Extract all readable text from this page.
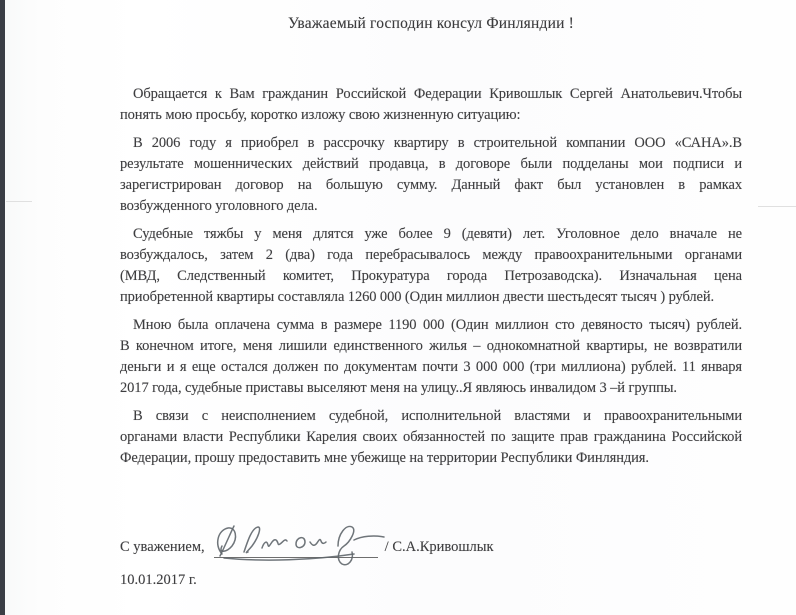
Уважаемый господин консул Финляндии !

Обращается к Вам гражданин Российской Федерации Кривошлык Сергей Анатольевич.Чтобы
понять мою просьбу, коротко изложу свою жизненную ситуацию:

В 2006 году я приобрел в рассрочку квартиру в строительной компании ООО «САНА».В
результате мошеннических действий продавца, в договоре были подделаны мои подписи и
зарегистрирован договор на большую сумму. Данный факт был установлен в рамках
возбужденного уголовного дела.

Судебные тяжбы у меня длятся уже более 9 (девяти) лет. Уголовное дело вначале не
возбуждалось, затем 2 (два) года перебрасывалось между правоохранительными органами
(МВД, Следственный комитет, Прокуратура города Петрозаводска). Изначальная цена
приобретенной квартиры составляла 1260 000 (Один миллион двести шестьдесят тысяч ) рублей.

Мною была оплачена сумма в размере 1190 000 (Один миллион сто девяносто тысяч) рублей.
В конечном итоге, меня лишили единственного жилья – однокомнатной квартиры, не возвратили
деньги и я еще остался должен по документам почти 3 000 000 (три миллиона) рублей. 11 января
2017 года, судебные приставы выселяют меня на улицу..Я являюсь инвалидом 3 –й группы.

В связи с неисполнением судебной, исполнительной властями и правоохранительными
органами власти Республики Карелия своих обязанностей по защите прав гражданина Российской
Федерации, прошу предоставить мне убежище на территории Республики Финляндия.

С уважением,	/ С.А.Кривошлык
10.01.2017 г.
